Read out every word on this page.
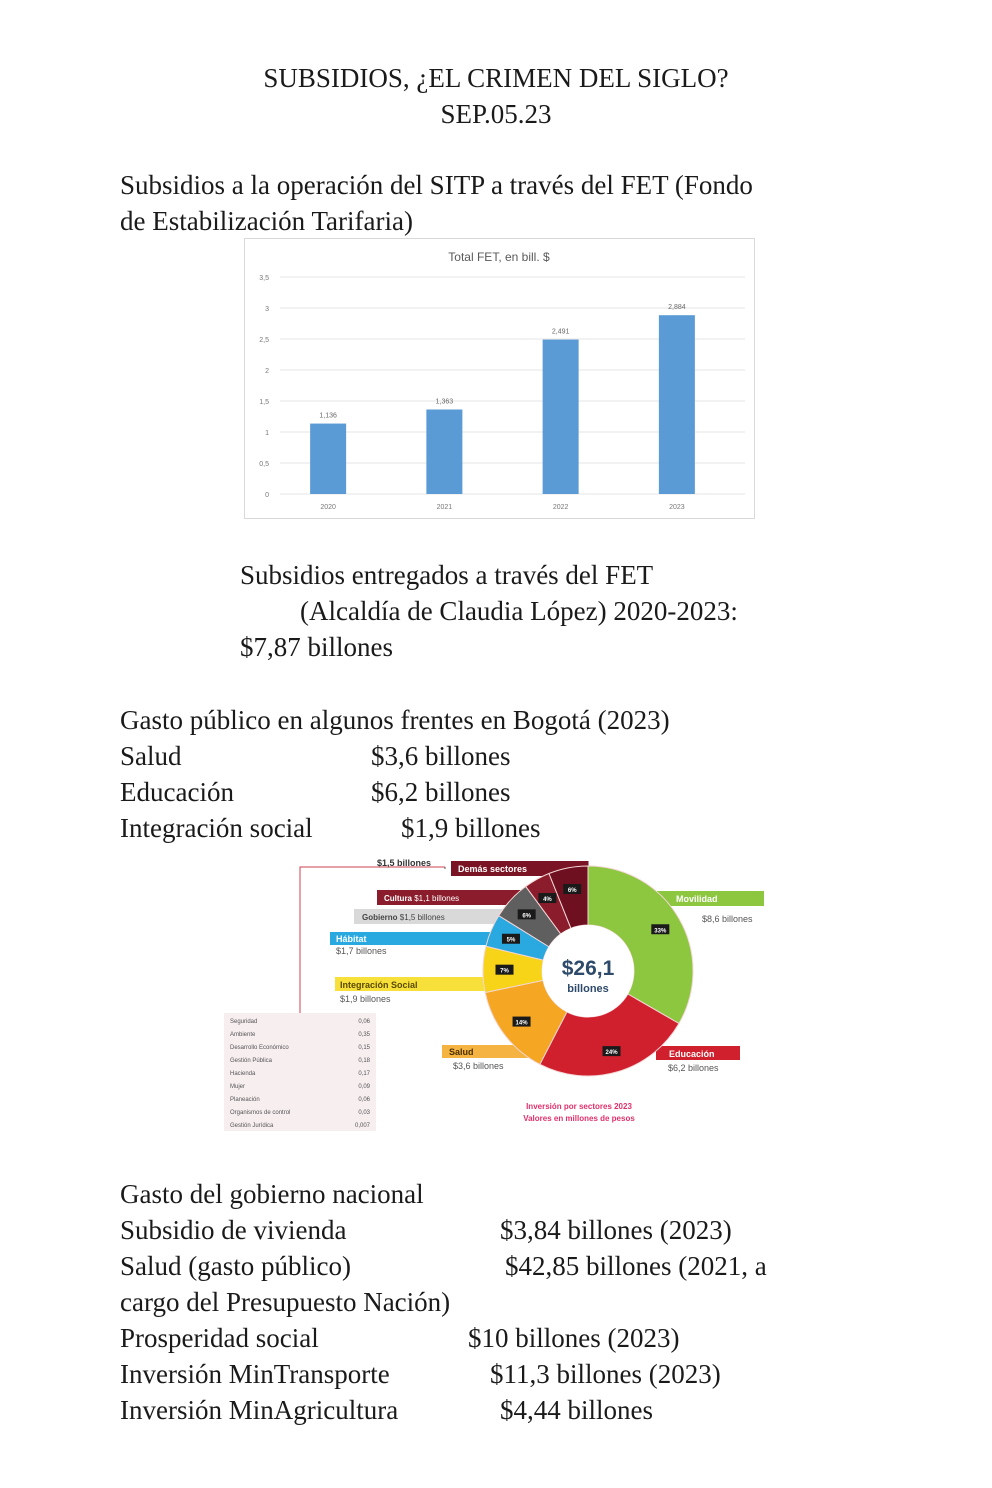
SUBSIDIOS, ¿EL CRIMEN DEL SIGLO?
SEP.05.23
Subsidios a la operación del SITP a través del FET (Fondo
de Estabilización Tarifaria)
Total FET, en bill. $
0
0,5
1
1,5
2
2,5
3
3,5
1,136
1,363
2,491
2,884
2020	2021	2022	2023
Subsidios entregados a través del FET
(Alcaldía de Claudia López) 2020-2023:
$7,87 billones
Gasto público en algunos frentes en Bogotá (2023)
Salud	$3,6 billones
Educación	$6,2 billones
Integración social	$1,9 billones
$1,5 billones
Demás sectores
Cultura $1,1 billones
Gobierno $1,5 billones
Hábitat
$1,7 billones
Integración Social
$1,9 billones
Movilidad
$8,6 billones
Salud
$3,6 billones
Educación
$6,2 billones
33%
24%
14%
7%
5%
6%
4%
6%
$26,1
billones
Seguridad	0,06
Ambiente	0,35
Desarrollo Económico	0,15
Gestión Pública	0,18
Hacienda	0,17
Mujer	0,09
Planeación	0,06
Organismos de control	0,03
Gestión Jurídica	0,007
Inversión por sectores 2023
Valores en millones de pesos
Gasto del gobierno nacional
Subsidio de vivienda	$3,84 billones (2023)
Salud (gasto público)	$42,85 billones (2021, a
cargo del Presupuesto Nación)
Prosperidad social	$10 billones (2023)
Inversión MinTransporte	$11,3 billones (2023)
Inversión MinAgricultura	$4,44 billones
